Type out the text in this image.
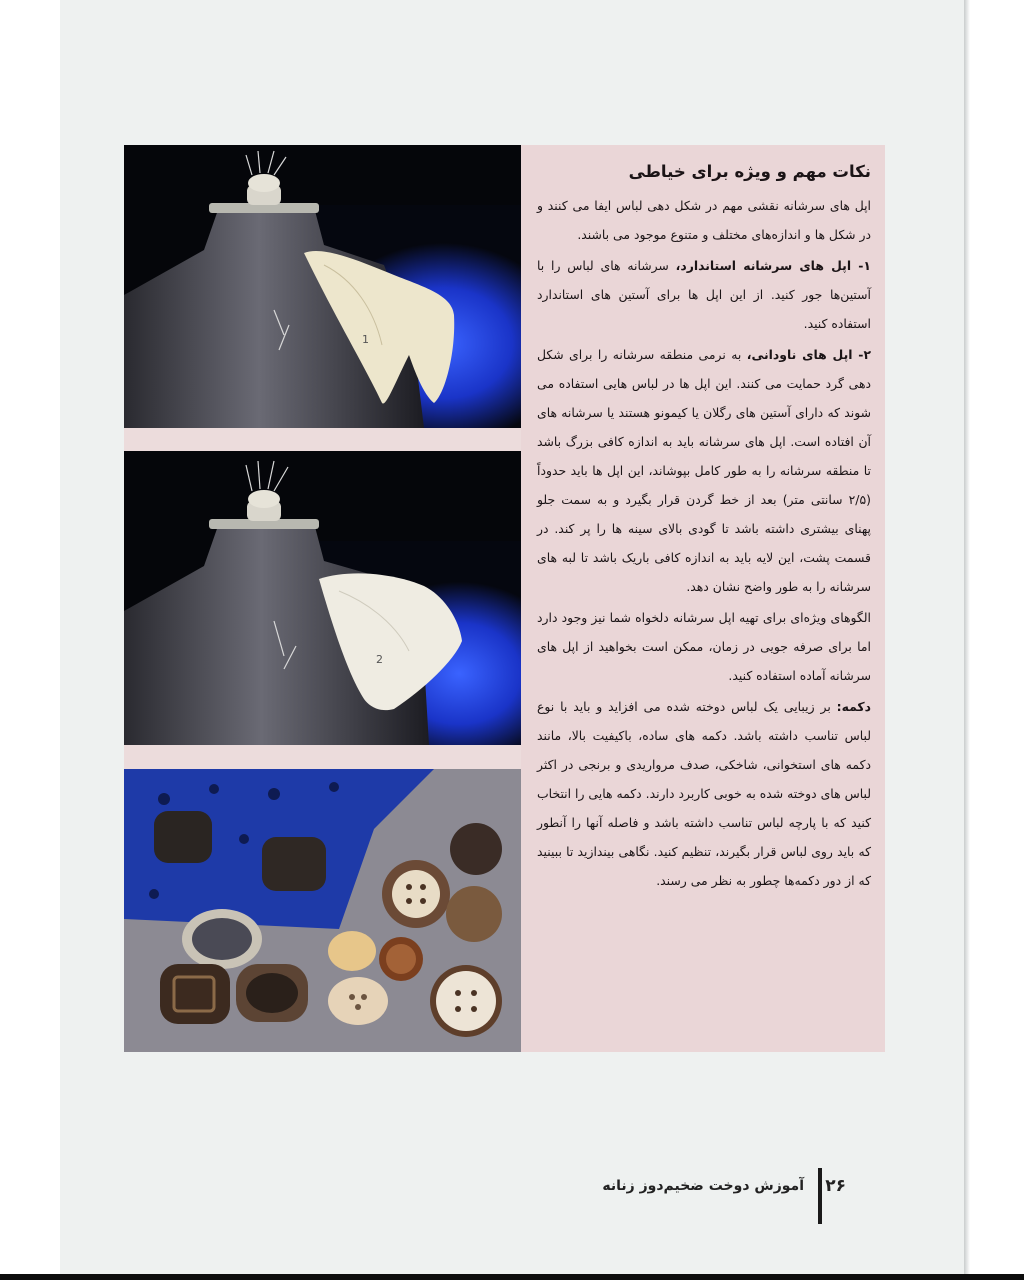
1
2
نکات مهم و ویژه برای خیاطی

اپل های سرشانه نقشی مهم در شکل دهی لباس ایفا می کنند و در شکل ها و اندازه‌های مختلف و متنوع موجود می باشند.

۱- اپل های سرشانه استاندارد، سرشانه های لباس را با آستین‌ها جور کنید. از این اپل ها برای آستین های استاندارد استفاده کنید.

۲- اپل های ناودانی، به نرمی منطقه سرشانه را برای شکل دهی گرد حمایت می کنند. این اپل ها در لباس هایی استفاده می شوند که دارای آستین های رگلان یا کیمونو هستند یا سرشانه های آن افتاده است. اپل های سرشانه باید به اندازه کافی بزرگ باشد تا منطقه سرشانه را به طور کامل بپوشاند، این اپل ها باید حدوداً (۲/۵ سانتی متر) بعد از خط گردن قرار بگیرد و به سمت جلو پهنای بیشتری داشته باشد تا گودی بالای سینه ها را پر کند. در قسمت پشت، این لایه باید به اندازه کافی باریک باشد تا لبه های سرشانه را به طور واضح نشان دهد.

الگوهای ویژه‌ای برای تهیه اپل سرشانه دلخواه شما نیز وجود دارد اما برای صرفه جویی در زمان، ممکن است بخواهید از اپل های سرشانه آماده استفاده کنید.

دکمه: بر زیبایی یک لباس دوخته شده می افزاید و باید با نوع لباس تناسب داشته باشد. دکمه های ساده، باکیفیت بالا، مانند دکمه های استخوانی، شاخکی، صدف مرواریدی و برنجی در اکثر لباس های دوخته شده به خوبی کاربرد دارند. دکمه هایی را انتخاب کنید که با پارچه لباس تناسب داشته باشد و فاصله آنها را آنطور که باید روی لباس قرار بگیرند، تنظیم کنید. نگاهی بیندازید تا ببینید که از دور دکمه‌ها چطور به نظر می رسند.

آموزش دوخت ضخیم‌دوز زنانه ۲۶
